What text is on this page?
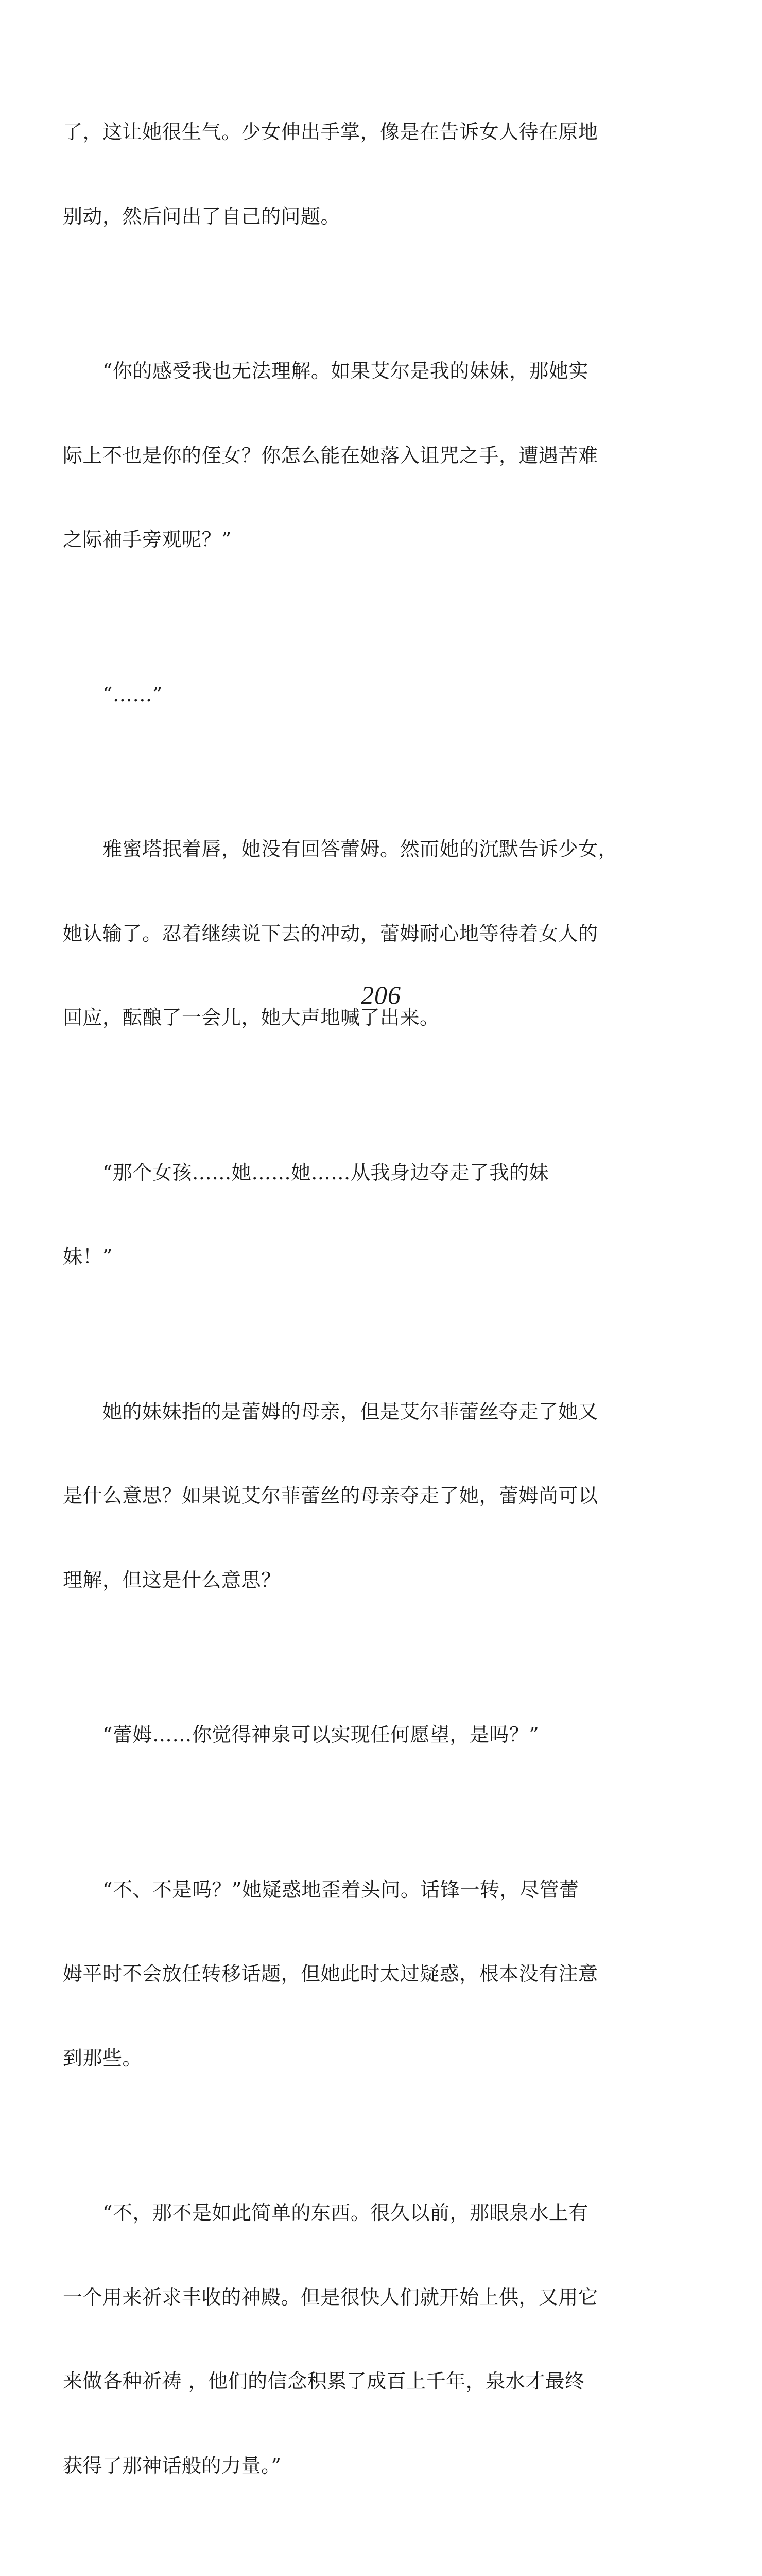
了，这让她很生气。少女伸出手掌，像是在告诉女人待在原地

别动，然后问出了自己的问题。

　　“你的感受我也无法理解。如果艾尔是我的妹妹，那她实

际上不也是你的侄女？你怎么能在她落入诅咒之手，遭遇苦难

之际袖手旁观呢？”

　　“……”

　　雅蜜塔抿着唇，她没有回答蕾姆。然而她的沉默告诉少女，

她认输了。忍着继续说下去的冲动，蕾姆耐心地等待着女人的

回应，酝酿了一会儿，她大声地喊了出来。

　　“那个女孩……她……她……从我身边夺走了我的妹

妹！”

　　她的妹妹指的是蕾姆的母亲，但是艾尔菲蕾丝夺走了她又

是什么意思？如果说艾尔菲蕾丝的母亲夺走了她，蕾姆尚可以

理解，但这是什么意思？

　　“蕾姆……你觉得神泉可以实现任何愿望，是吗？”

　　“不、不是吗？”她疑惑地歪着头问。话锋一转，尽管蕾

姆平时不会放任转移话题，但她此时太过疑惑，根本没有注意

到那些。

　　“不，那不是如此简单的东西。很久以前，那眼泉水上有

一个用来祈求丰收的神殿。但是很快人们就开始上供，又用它

来做各种祈祷 ，他们的信念积累了成百上千年，泉水才最终

获得了那神话般的力量。”

206
